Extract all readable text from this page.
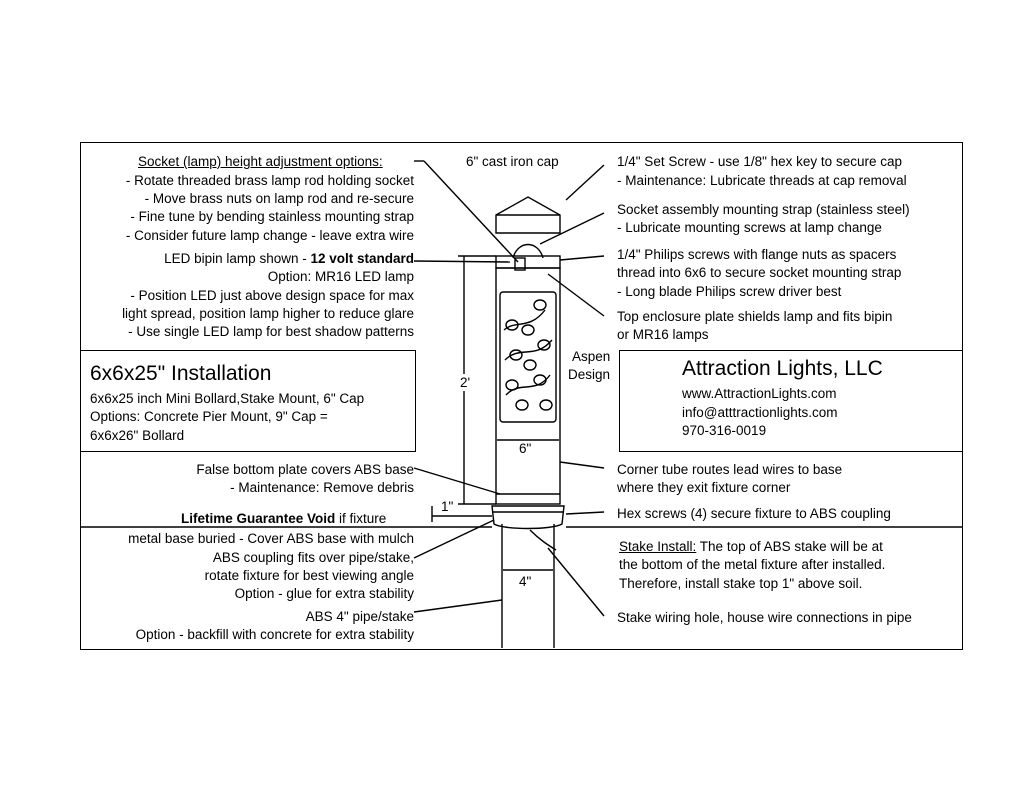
Socket (lamp) height adjustment options:
- Rotate threaded brass lamp rod holding socket
- Move brass nuts on lamp rod and re-secure
- Fine tune by bending stainless mounting strap
- Consider future lamp change - leave extra wire
LED bipin lamp shown - 12 volt standard
Option: MR16 LED lamp
- Position LED just above design space for max
light spread, position lamp higher to reduce glare
- Use single LED lamp for best shadow patterns
6x6x25" Installation
6x6x25 inch Mini Bollard,Stake Mount, 6" Cap
Options: Concrete Pier Mount, 9" Cap =
6x6x26" Bollard
False bottom plate covers ABS base
- Maintenance: Remove debris
Lifetime Guarantee Void if fixture
metal base buried - Cover ABS base with mulch
ABS coupling fits over pipe/stake,
rotate fixture for best viewing angle
Option - glue for extra stability
ABS 4" pipe/stake
Option - backfill with concrete for extra stability
6" cast iron cap
Aspen
Design
2'
6"
1"
4"
1/4" Set Screw - use 1/8" hex key to secure cap
- Maintenance: Lubricate threads at cap removal
Socket assembly mounting strap (stainless steel)
- Lubricate mounting screws at lamp change
1/4" Philips screws with flange nuts as spacers
thread into 6x6 to secure socket mounting strap
- Long blade Philips screw driver best
Top enclosure plate shields lamp and fits bipin
or MR16 lamps
Attraction Lights, LLC
www.AttractionLights.com
info@atttractionlights.com
970-316-0019
Corner tube routes lead wires to base
where they exit fixture corner
Hex screws (4) secure fixture to ABS coupling
Stake Install: The top of ABS stake will be at
the bottom of the metal fixture after installed.
Therefore, install stake top 1" above soil.
Stake wiring hole, house wire connections in pipe
